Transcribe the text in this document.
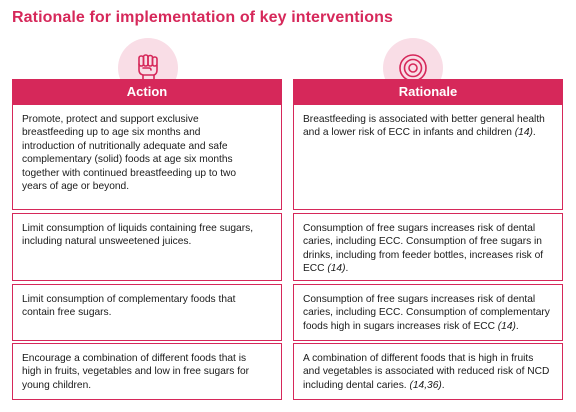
Rationale for implementation of key interventions
Action
Promote, protect and support exclusive
breastfeeding up to age six months and
introduction of nutritionally adequate and safe
complementary (solid) foods at age six months
together with continued breastfeeding up to two
years of age or beyond.
Limit consumption of liquids containing free sugars,
including natural unsweetened juices.
Limit consumption of complementary foods that
contain free sugars.
Encourage a combination of different foods that is
high in fruits, vegetables and low in free sugars for
young children.
Rationale
Breastfeeding is associated with better general health
and a lower risk of ECC in infants and children (14).
Consumption of free sugars increases risk of dental
caries, including ECC. Consumption of free sugars in
drinks, including from feeder bottles, increases risk of
ECC (14).
Consumption of free sugars increases risk of dental
caries, including ECC. Consumption of complementary
foods high in sugars increases risk of ECC (14).
A combination of different foods that is high in fruits
and vegetables is associated with reduced risk of NCD
including dental caries. (14,36).
